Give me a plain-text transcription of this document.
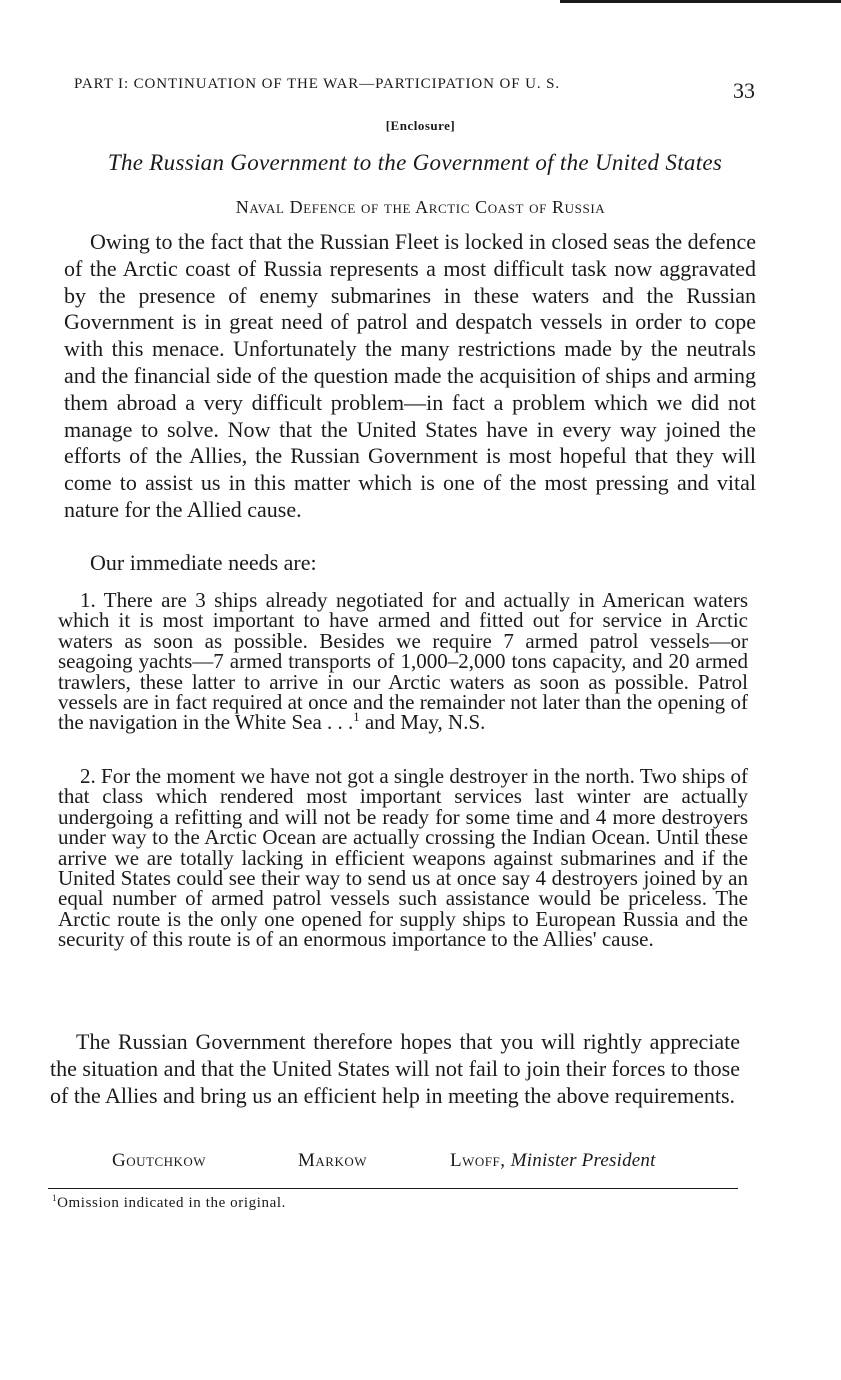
PART I: CONTINUATION OF THE WAR—PARTICIPATION OF U. S.	33
[Enclosure]
The Russian Government to the Government of the United States
Naval Defence of the Arctic Coast of Russia
Owing to the fact that the Russian Fleet is locked in closed seas the defence of the Arctic coast of Russia represents a most difficult task now aggravated by the presence of enemy submarines in these waters and the Russian Government is in great need of patrol and despatch vessels in order to cope with this menace. Unfortunately the many restrictions made by the neutrals and the financial side of the question made the acquisition of ships and arming them abroad a very difficult problem—in fact a problem which we did not manage to solve. Now that the United States have in every way joined the efforts of the Allies, the Russian Government is most hopeful that they will come to assist us in this matter which is one of the most pressing and vital nature for the Allied cause.
Our immediate needs are:
1. There are 3 ships already negotiated for and actually in American waters which it is most important to have armed and fitted out for service in Arctic waters as soon as possible. Besides we require 7 armed patrol vessels—or seagoing yachts—7 armed transports of 1,000–2,000 tons capacity, and 20 armed trawlers, these latter to arrive in our Arctic waters as soon as possible. Patrol vessels are in fact required at once and the remainder not later than the opening of the navigation in the White Sea . . .$^1$ and May, N.S.
2. For the moment we have not got a single destroyer in the north. Two ships of that class which rendered most important services last winter are actually undergoing a refitting and will not be ready for some time and 4 more destroyers under way to the Arctic Ocean are actually crossing the Indian Ocean. Until these arrive we are totally lacking in efficient weapons against submarines and if the United States could see their way to send us at once say 4 destroyers joined by an equal number of armed patrol vessels such assistance would be priceless. The Arctic route is the only one opened for supply ships to European Russia and the security of this route is of an enormous importance to the Allies' cause.
The Russian Government therefore hopes that you will rightly appreciate the situation and that the United States will not fail to join their forces to those of the Allies and bring us an efficient help in meeting the above requirements.
Goutchkow	Markow	Lwoff, Minister President
$^1$Omission indicated in the original.
